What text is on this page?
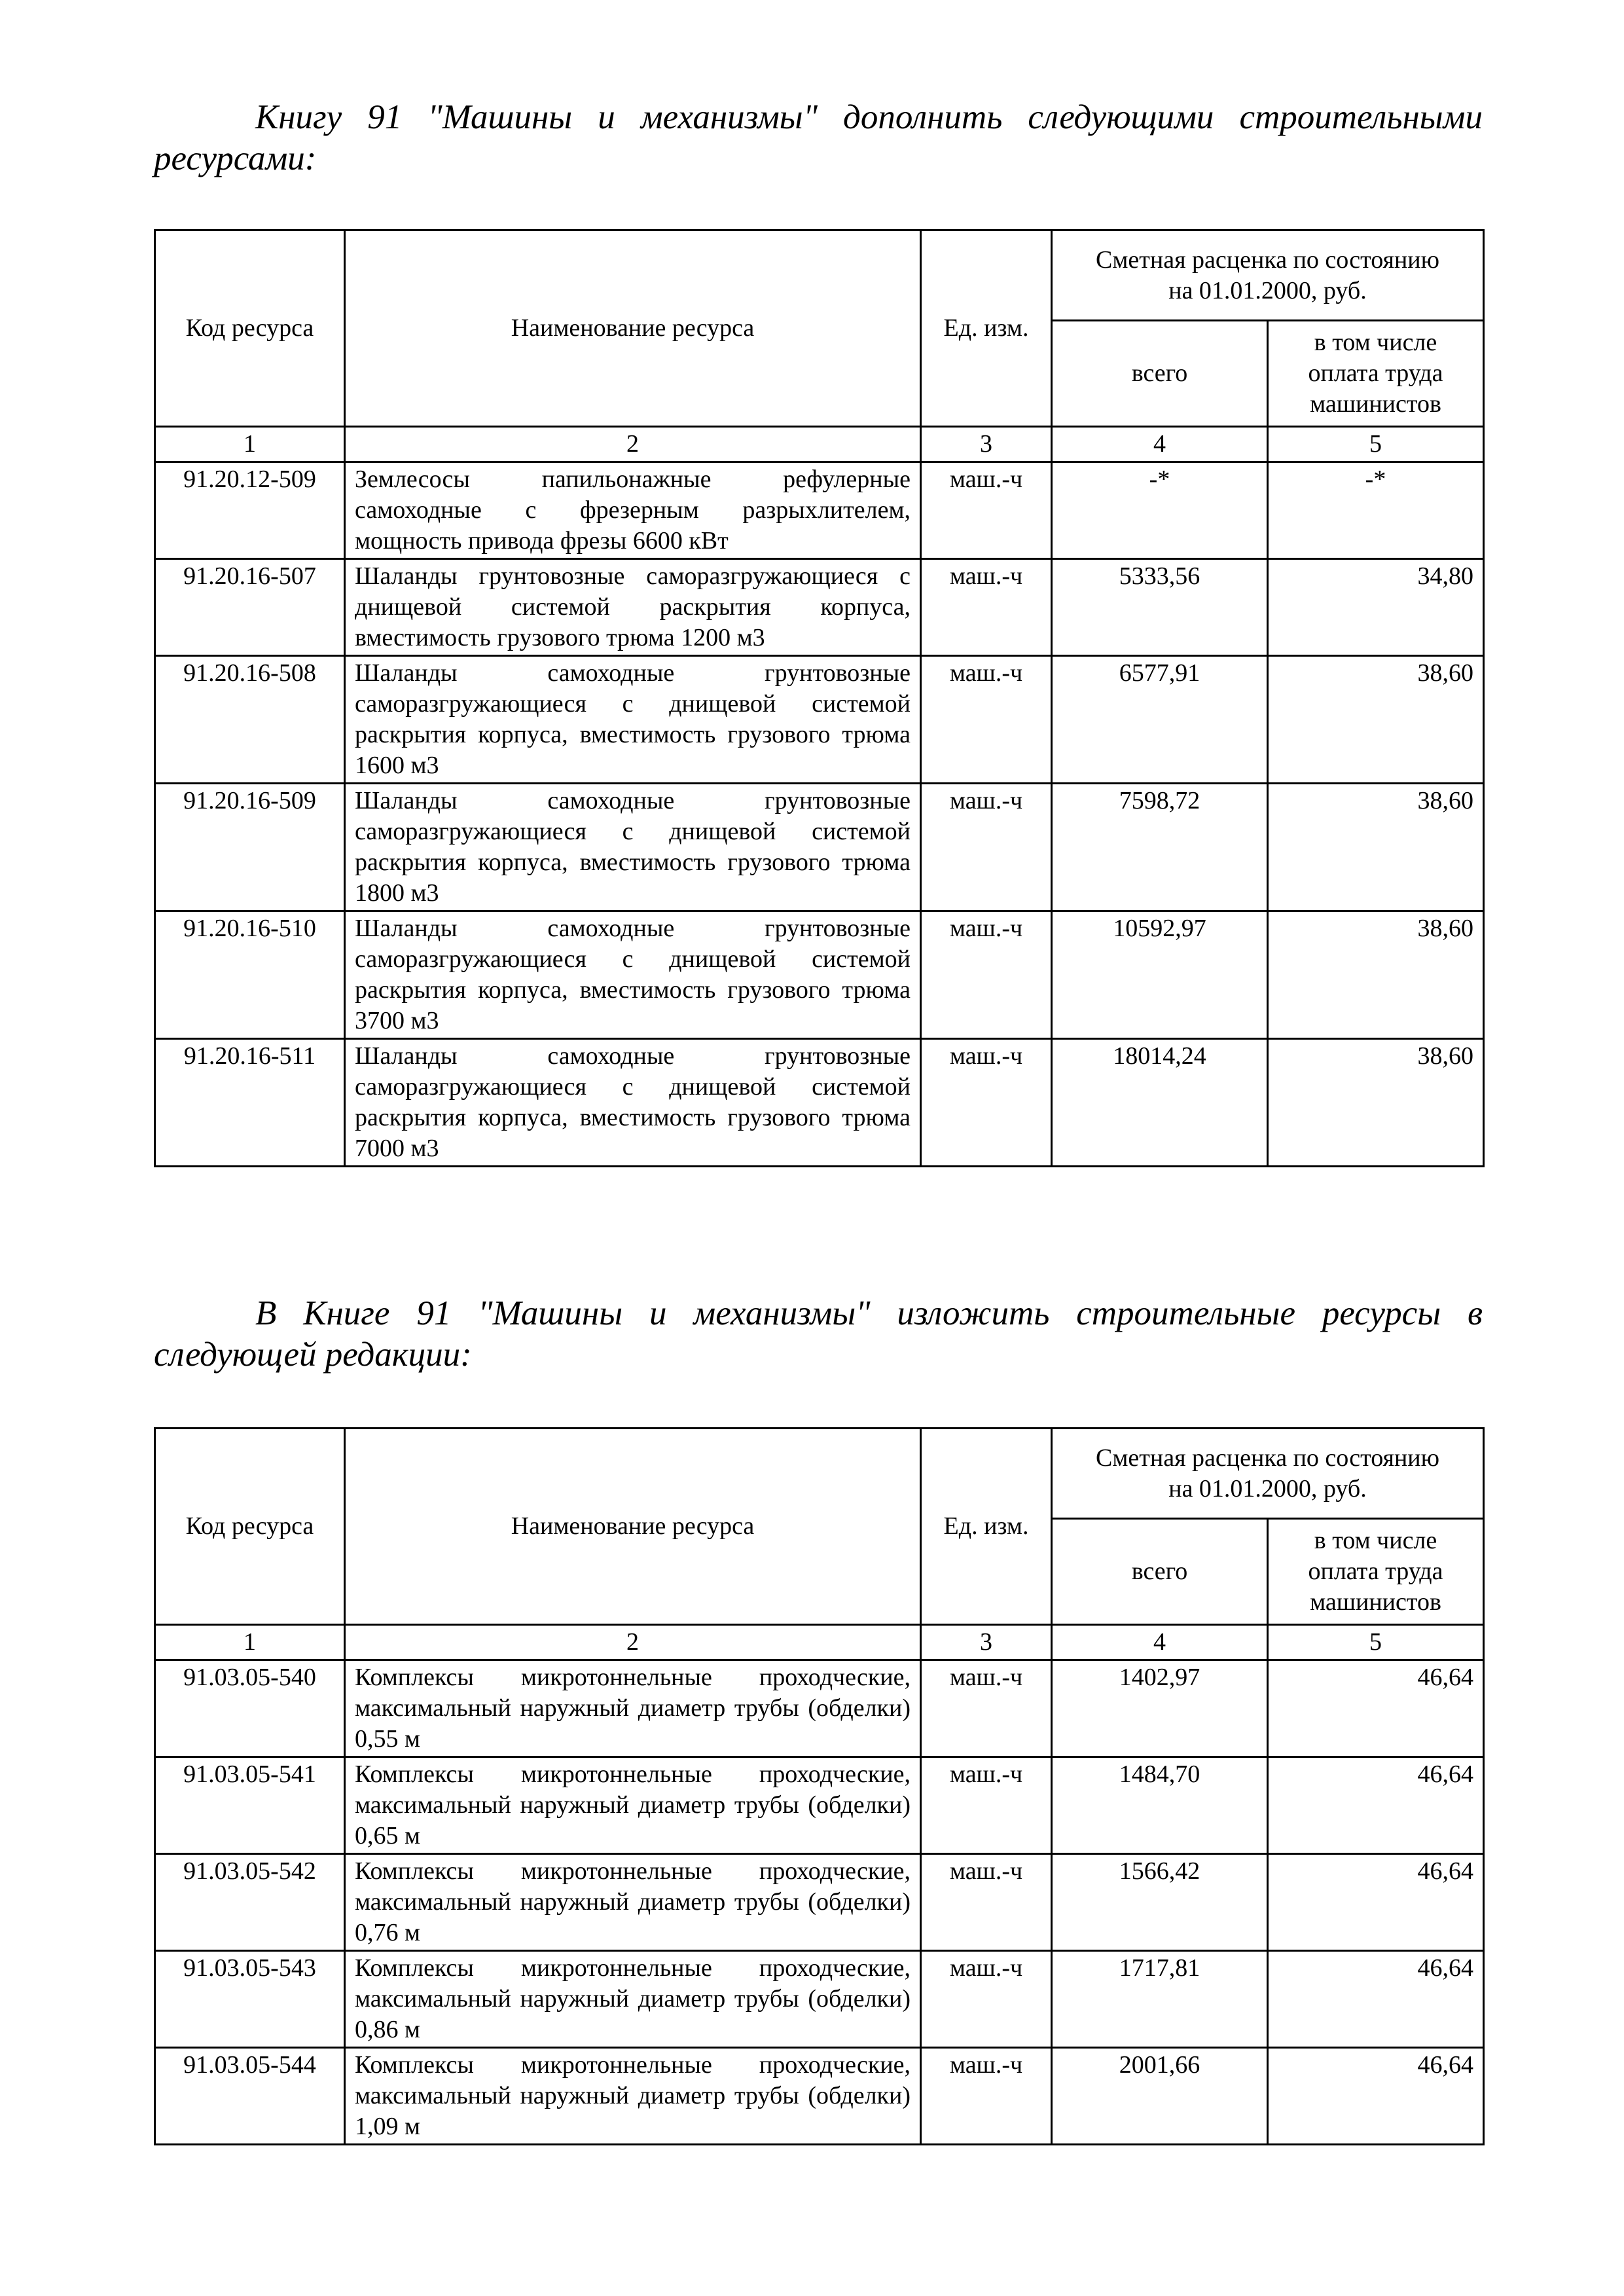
Книгу 91 "Машины и механизмы" дополнить следующими строительными
ресурсами:
Код ресурса	Наименование ресурса	Ед. изм.	Сметная расценка по состоянию
на 01.01.2000, руб.	
			всего	в том числе
оплата труда
машинистов
1	2	3	4	5
91.20.12-509	Землесосы папильонажные рефулерные самоходные с фрезерным разрыхлителем, мощность привода фрезы 6600 кВт	маш.-ч	-*	-*
91.20.16-507	Шаланды грунтовозные саморазгружающиеся с днищевой системой раскрытия корпуса, вместимость грузового трюма 1200 м3	маш.-ч	5333,56	34,80
91.20.16-508	Шаланды самоходные грунтовозные саморазгружающиеся с днищевой системой раскрытия корпуса, вместимость грузового трюма 1600 м3	маш.-ч	6577,91	38,60
91.20.16-509	Шаланды самоходные грунтовозные саморазгружающиеся с днищевой системой раскрытия корпуса, вместимость грузового трюма 1800 м3	маш.-ч	7598,72	38,60
91.20.16-510	Шаланды самоходные грунтовозные саморазгружающиеся с днищевой системой раскрытия корпуса, вместимость грузового трюма 3700 м3	маш.-ч	10592,97	38,60
91.20.16-511	Шаланды самоходные грунтовозные саморазгружающиеся с днищевой системой раскрытия корпуса, вместимость грузового трюма 7000 м3	маш.-ч	18014,24	38,60
В Книге 91 "Машины и механизмы" изложить строительные ресурсы в
следующей редакции:
Код ресурса	Наименование ресурса	Ед. изм.	Сметная расценка по состоянию
на 01.01.2000, руб.	
			всего	в том числе
оплата труда
машинистов
1	2	3	4	5
91.03.05-540	Комплексы микротоннельные проходческие, максимальный наружный диаметр трубы (обделки) 0,55 м	маш.-ч	1402,97	46,64
91.03.05-541	Комплексы микротоннельные проходческие, максимальный наружный диаметр трубы (обделки) 0,65 м	маш.-ч	1484,70	46,64
91.03.05-542	Комплексы микротоннельные проходческие, максимальный наружный диаметр трубы (обделки) 0,76 м	маш.-ч	1566,42	46,64
91.03.05-543	Комплексы микротоннельные проходческие, максимальный наружный диаметр трубы (обделки) 0,86 м	маш.-ч	1717,81	46,64
91.03.05-544	Комплексы микротоннельные проходческие, максимальный наружный диаметр трубы (обделки) 1,09 м	маш.-ч	2001,66	46,64
